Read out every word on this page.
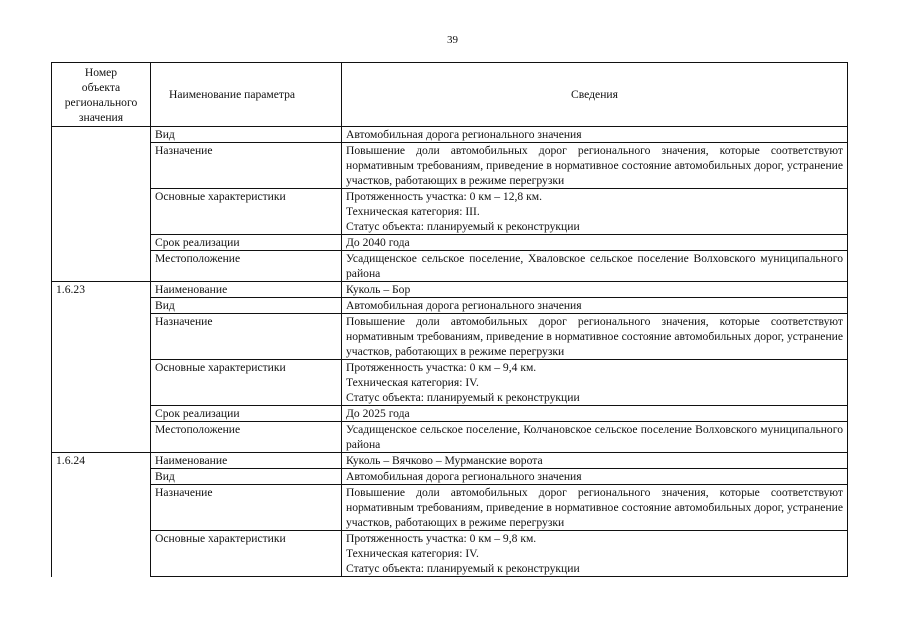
39
Номер
объекта
регионального
значения	Наименование параметра	Сведения
	Вид	Автомобильная дорога регионального значения
	Назначение	Повышение доли автомобильных дорог регионального значения, которые соответствуют нормативным требованиям, приведение в нормативное состояние автомобильных дорог, устранение участков, работающих в режиме перегрузки
	Основные характеристики	Протяженность участка: 0 км – 12,8 км.
Техническая категория: III.
Статус объекта: планируемый к реконструкции

	Срок реализации	До 2040 года
	Местоположение	Усадищенское сельское поселение, Хваловское сельское поселение Волховского муниципального района
1.6.23	Наименование	Куколь – Бор
	Вид	Автомобильная дорога регионального значения
	Назначение	Повышение доли автомобильных дорог регионального значения, которые соответствуют нормативным требованиям, приведение в нормативное состояние автомобильных дорог, устранение участков, работающих в режиме перегрузки
	Основные характеристики	Протяженность участка: 0 км – 9,4 км.
Техническая категория: IV.
Статус объекта: планируемый к реконструкции

	Срок реализации	До 2025 года
	Местоположение	Усадищенское сельское поселение, Колчановское сельское поселение Волховского муниципального района
1.6.24	Наименование	Куколь – Вячково – Мурманские ворота
	Вид	Автомобильная дорога регионального значения
	Назначение	Повышение доли автомобильных дорог регионального значения, которые соответствуют нормативным требованиям, приведение в нормативное состояние автомобильных дорог, устранение участков, работающих в режиме перегрузки
	Основные характеристики	Протяженность участка: 0 км – 9,8 км.
Техническая категория: IV.
Статус объекта: планируемый к реконструкции
